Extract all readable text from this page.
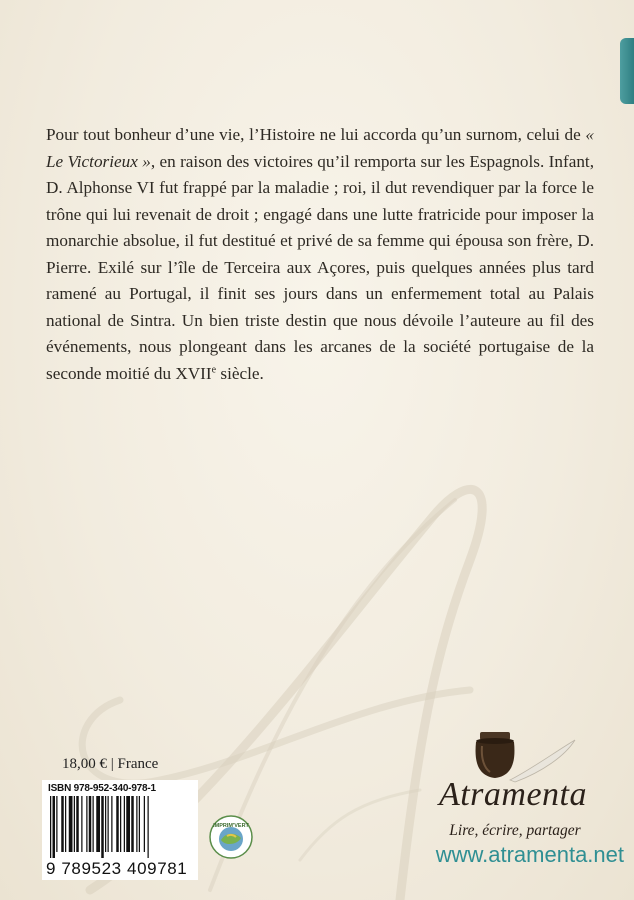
Pour tout bonheur d’une vie, l’Histoire ne lui accorda qu’un surnom, celui de « Le Victorieux », en raison des victoires qu’il remporta sur les Espagnols. Infant, D. Alphonse VI fut frappé par la maladie ; roi, il dut revendiquer par la force le trône qui lui revenait de droit ; engagé dans une lutte fratricide pour imposer la monarchie absolue, il fut destitué et privé de sa femme qui épousa son frère, D. Pierre. Exilé sur l’île de Terceira aux Açores, puis quelques années plus tard ramené au Portugal, il finit ses jours dans un enfermement total au Palais national de Sintra. Un bien triste destin que nous dévoile l’auteure au fil des événements, nous plongeant dans les arcanes de la société portugaise de la seconde moitié du XVIIe siècle.

18,00 € | France
ISBN 978-952-340-978-1
9 789523 409781
IMPRIM'VERT
Atramenta
Lire, écrire, partager
www.atramenta.net
